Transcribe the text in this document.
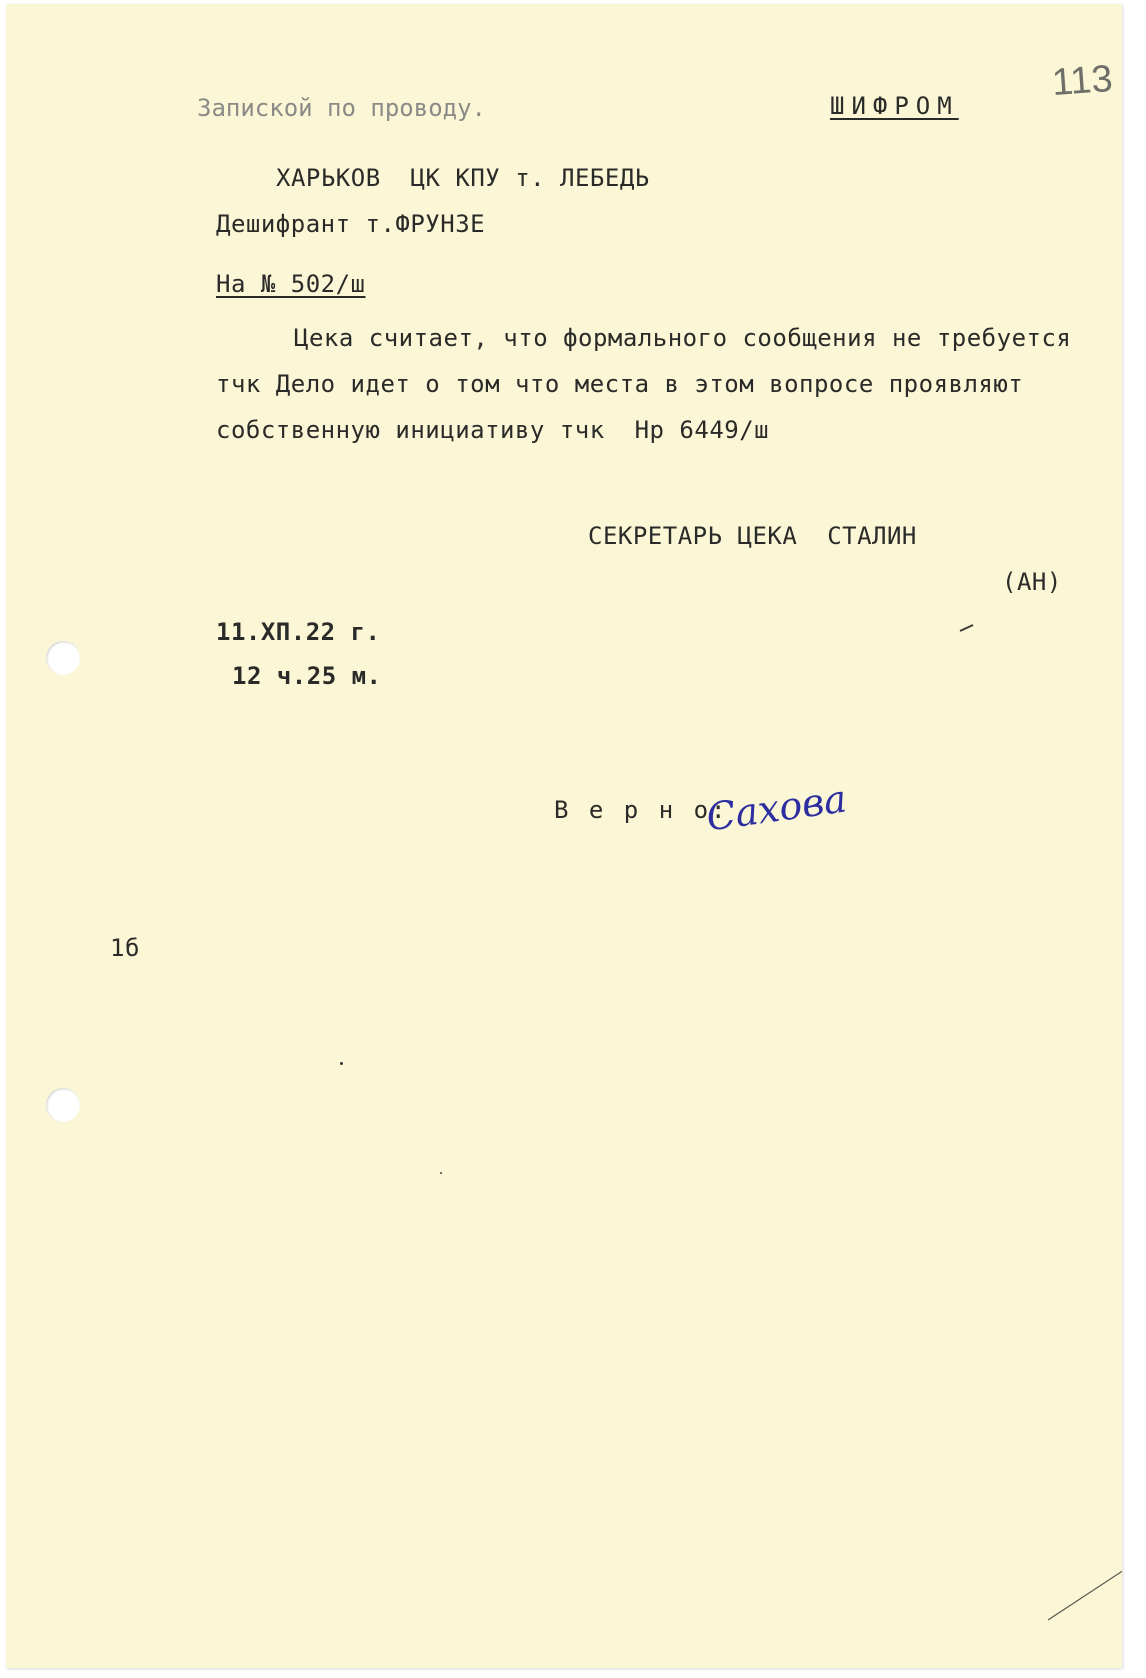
Запиской по проводу.	ШИФРОМ
113
ХАРЬКОВ  ЦК КПУ т. ЛЕБЕДЬ
Дешифрант т.ФРУНЗЕ
На № 502/ш
Цека считает, что формального сообщения не требуется
тчк Дело идет о том что места в этом вопросе проявляют
собственную инициативу тчк  Нр 6449/ш
СЕКРЕТАРЬ ЦЕКА  СТАЛИН
(АН)
11.ХП.22 г.
12 ч.25 м.
В е р н о:
Сахова
1б
